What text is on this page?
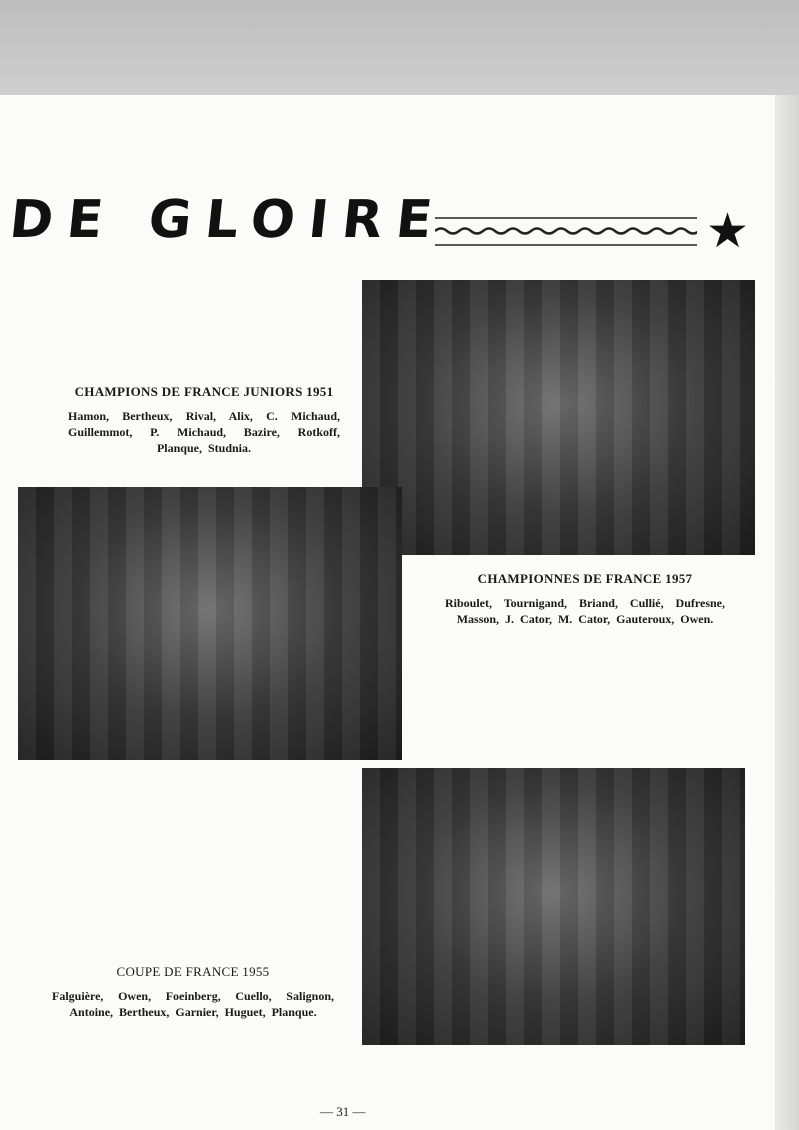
DE GLOIRE	★
CHAMPIONS DE FRANCE JUNIORS 1951

Hamon, Bertheux, Rival, Alix, C. Michaud, Guillemmot, P. Michaud, Bazire, Rotkoff, Planque, Studnia.

CHAMPIONNES DE FRANCE 1957

Riboulet, Tournigand, Briand, Cullié, Dufresne, Masson, J. Cator, M. Cator, Gauteroux, Owen.

COUPE DE FRANCE 1955

Falguière, Owen, Foeinberg, Cuello, Salignon, Antoine, Bertheux, Garnier, Huguet, Planque.

— 31 —
